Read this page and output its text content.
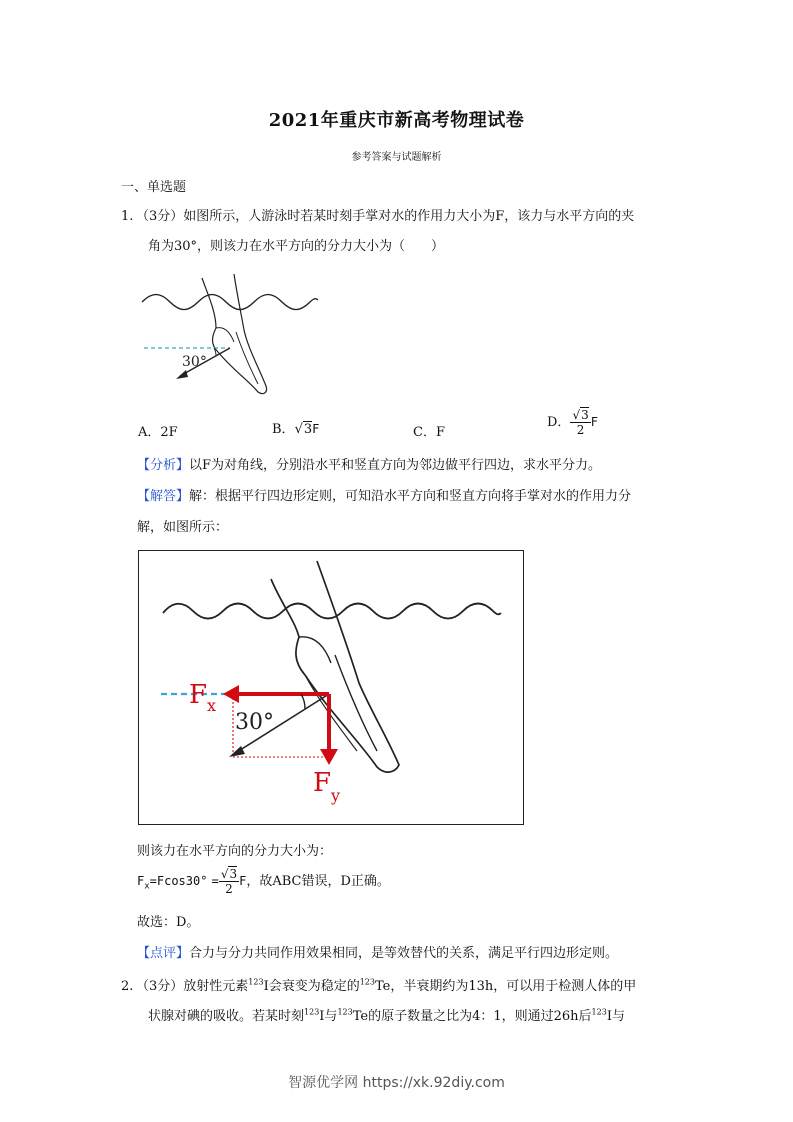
2021年重庆市新高考物理试卷
参考答案与试题解析
一、单选题
1. （3分）如图所示，人游泳时若某时刻手掌对水的作用力大小为F，该力与水平方向的夹
角为30°，则该力在水平方向的分力大小为（　　）
30°
A．2F	B．√3F	C．F
D． $\frac{√3}{2}$ F
【分析】以F为对角线，分别沿水平和竖直方向为邻边做平行四边，求水平分力。
【解答】解：根据平行四边形定则，可知沿水平方向和竖直方向将手掌对水的作用力分
解，如图所示：
30°
F x
F y
则该力在水平方向的分力大小为：
$F_x=Fcos30^\circ = \frac{√3}{2}$ F，故ABC错误，D正确。
故选：D。
【点评】合力与分力共同作用效果相同，是等效替代的关系，满足平行四边形定则。
2. （3分）放射性元素$^{123}$I会衰变为稳定的$^{123}$Te，半衰期约为13h，可以用于检测人体的甲
状腺对碘的吸收。若某时刻$^{123}$I与$^{123}$Te的原子数量之比为4：1，则通过26h后$^{123}$I与
智源优学网 https://xk.92diy.com
